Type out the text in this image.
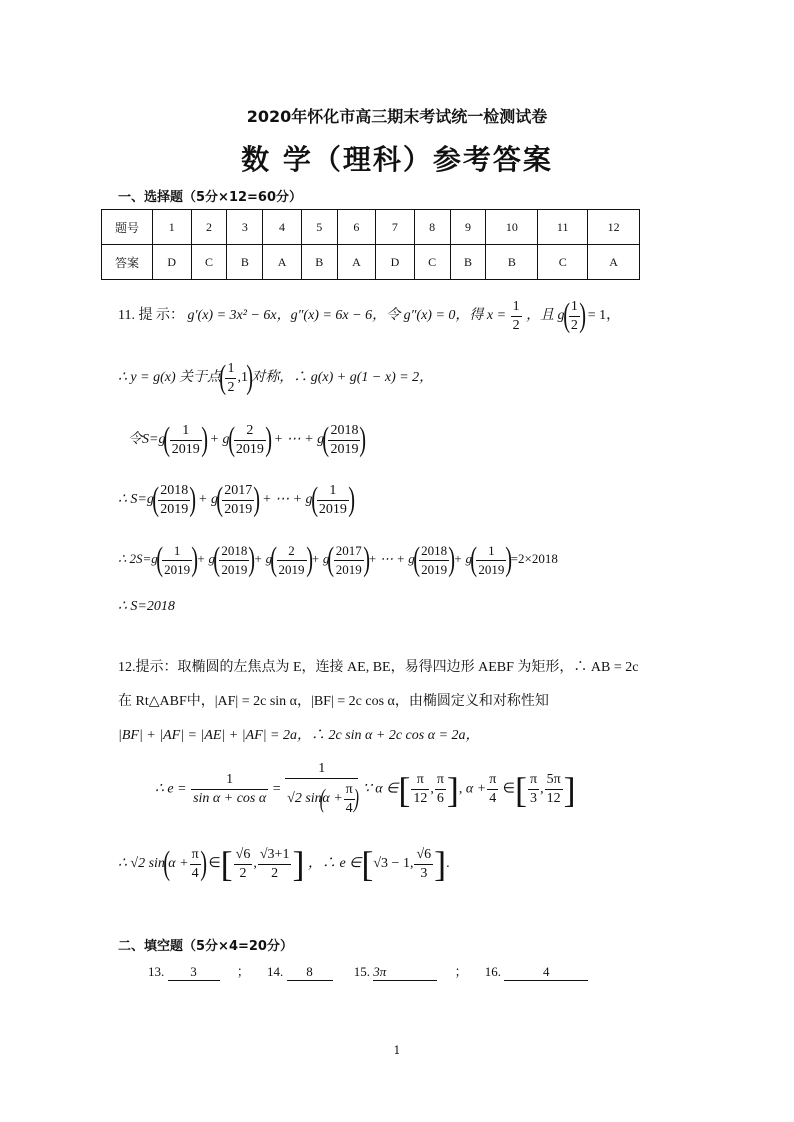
2020年怀化市高三期末考试统一检测试卷
数 学（理科）参考答案
一、选择题（5分×12=60分）
题号	1	2	3	4	5	6	7	8	9	10	11	12
答案	D	C	B	A	B	A	D	C	B	B	C	A
11. 提 示： g′(x) = 3x² − 6x，g″(x) = 6x − 6，令 g″(x) = 0，得 $x = \frac{1}{2}$ ，且 $g( \frac{1}{2}$ ) = 1，
∴ y = g(x) 关于点( $\frac{1}{2} ,1$)对称，∴ g(x) + g(1 − x) = 2，
令$S=g( \frac{1}{2019}$ ) + $g( \frac{2}{2019}$ ) + ⋯ + $g( \frac{2018}{2019}$ )
∴ $S=g( \frac{2018}{2019}$ ) + $g( \frac{2017}{2019}$ ) + ⋯ + $g( \frac{1}{2019}$ )
∴ $2S=g( \frac{1}{2019}$ )+ $g( \frac{2018}{2019}$ )+ $g( \frac{2}{2019}$ )+ $g( \frac{2017}{2019}$ )+ ⋯ + $g( \frac{2018}{2019}$ )+ $g( \frac{1}{2019} )=2\times 2018$
∴ S=2018
12.提示：取椭圆的左焦点为 E，连接 AE, BE，易得四边形 AEBF 为矩形，∴ AB = 2c
在 Rt△ABF中，|AF| = 2c sin α，|BF| = 2c cos α，由椭圆定义和对称性知
|BF| + |AF| = |AE| + |AF| = 2a，∴ 2c sin α + 2c cos α = 2a，
∴ $e = \frac{1}{\text{sin α + cos α}} = 1$
√2 $\sin(\alpha + \frac{\pi}{4}$
) ∵ α ∈[ $\frac{\pi}{12}$ , $\frac{\pi}{6}$ ], $\alpha + \frac{\pi}{4}$ ∈[ $\frac{\pi}{3}$ , $\frac{5\pi}{12}$ ]
∴ √2 $\sin(\alpha + \frac{\pi}{4}$ ) ∈[ $\frac{√6}{2}$ , $\frac{√3+1}{2}$ ] ，∴ e ∈[√3 − 1, $\frac{√6}{3}$ ].
二、填空题（5分×4=20分）
13. 3	； 14. 8	15. 3π	； 16.	4
1
